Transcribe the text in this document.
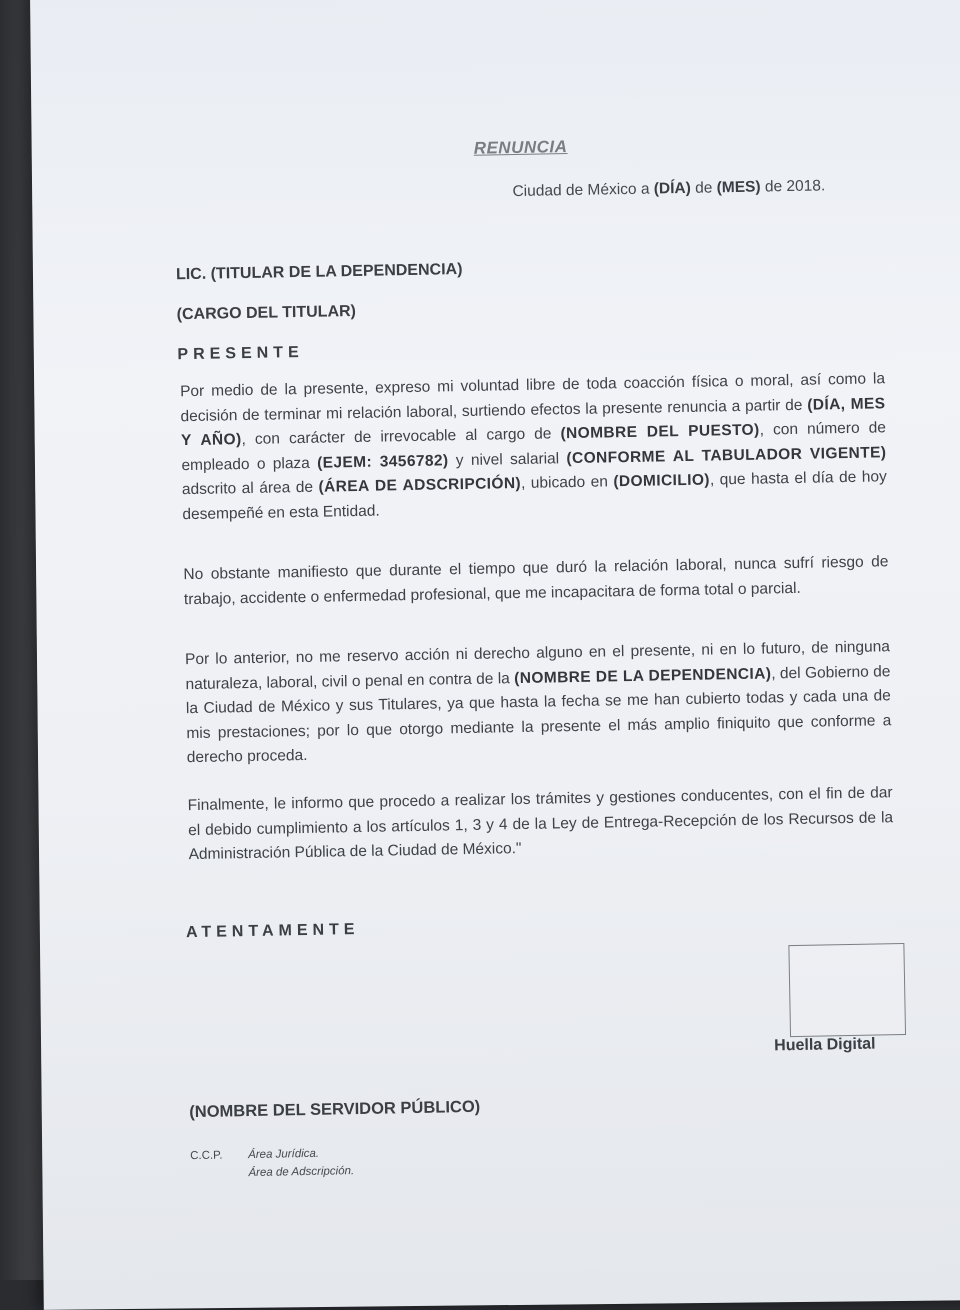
RENUNCIA
Ciudad de México a (DÍA) de (MES) de 2018.
LIC. (TITULAR DE LA DEPENDENCIA)
(CARGO DEL TITULAR)
PRESENTE

Por medio de la presente, expreso mi voluntad libre de toda coacción física o moral, así como la decisión de terminar mi relación laboral, surtiendo efectos la presente renuncia a partir de (DÍA, MES Y AÑO), con carácter de irrevocable al cargo de (NOMBRE DEL PUESTO), con número de empleado o plaza (EJEM: 3456782) y nivel salarial (CONFORME AL TABULADOR VIGENTE) adscrito al área de (ÁREA DE ADSCRIPCIÓN), ubicado en (DOMICILIO), que hasta el día de hoy desempeñé en esta Entidad.

No obstante manifiesto que durante el tiempo que duró la relación laboral, nunca sufrí riesgo de trabajo, accidente o enfermedad profesional, que me incapacitara de forma total o parcial.

Por lo anterior, no me reservo acción ni derecho alguno en el presente, ni en lo futuro, de ninguna naturaleza, laboral, civil o penal en contra de la (NOMBRE DE LA DEPENDENCIA), del Gobierno de la Ciudad de México y sus Titulares, ya que hasta la fecha se me han cubierto todas y cada una de mis prestaciones; por lo que otorgo mediante la presente el más amplio finiquito que conforme a derecho proceda.

Finalmente, le informo que procedo a realizar los trámites y gestiones conducentes, con el fin de dar el debido cumplimiento a los artículos 1, 3 y 4 de la Ley de Entrega-Recepción de los Recursos de la Administración Pública de la Ciudad de México."

ATENTAMENTE
Huella Digital
(NOMBRE DEL SERVIDOR PÚBLICO)
C.C.P. Área Jurídica.
Área de Adscripción.
